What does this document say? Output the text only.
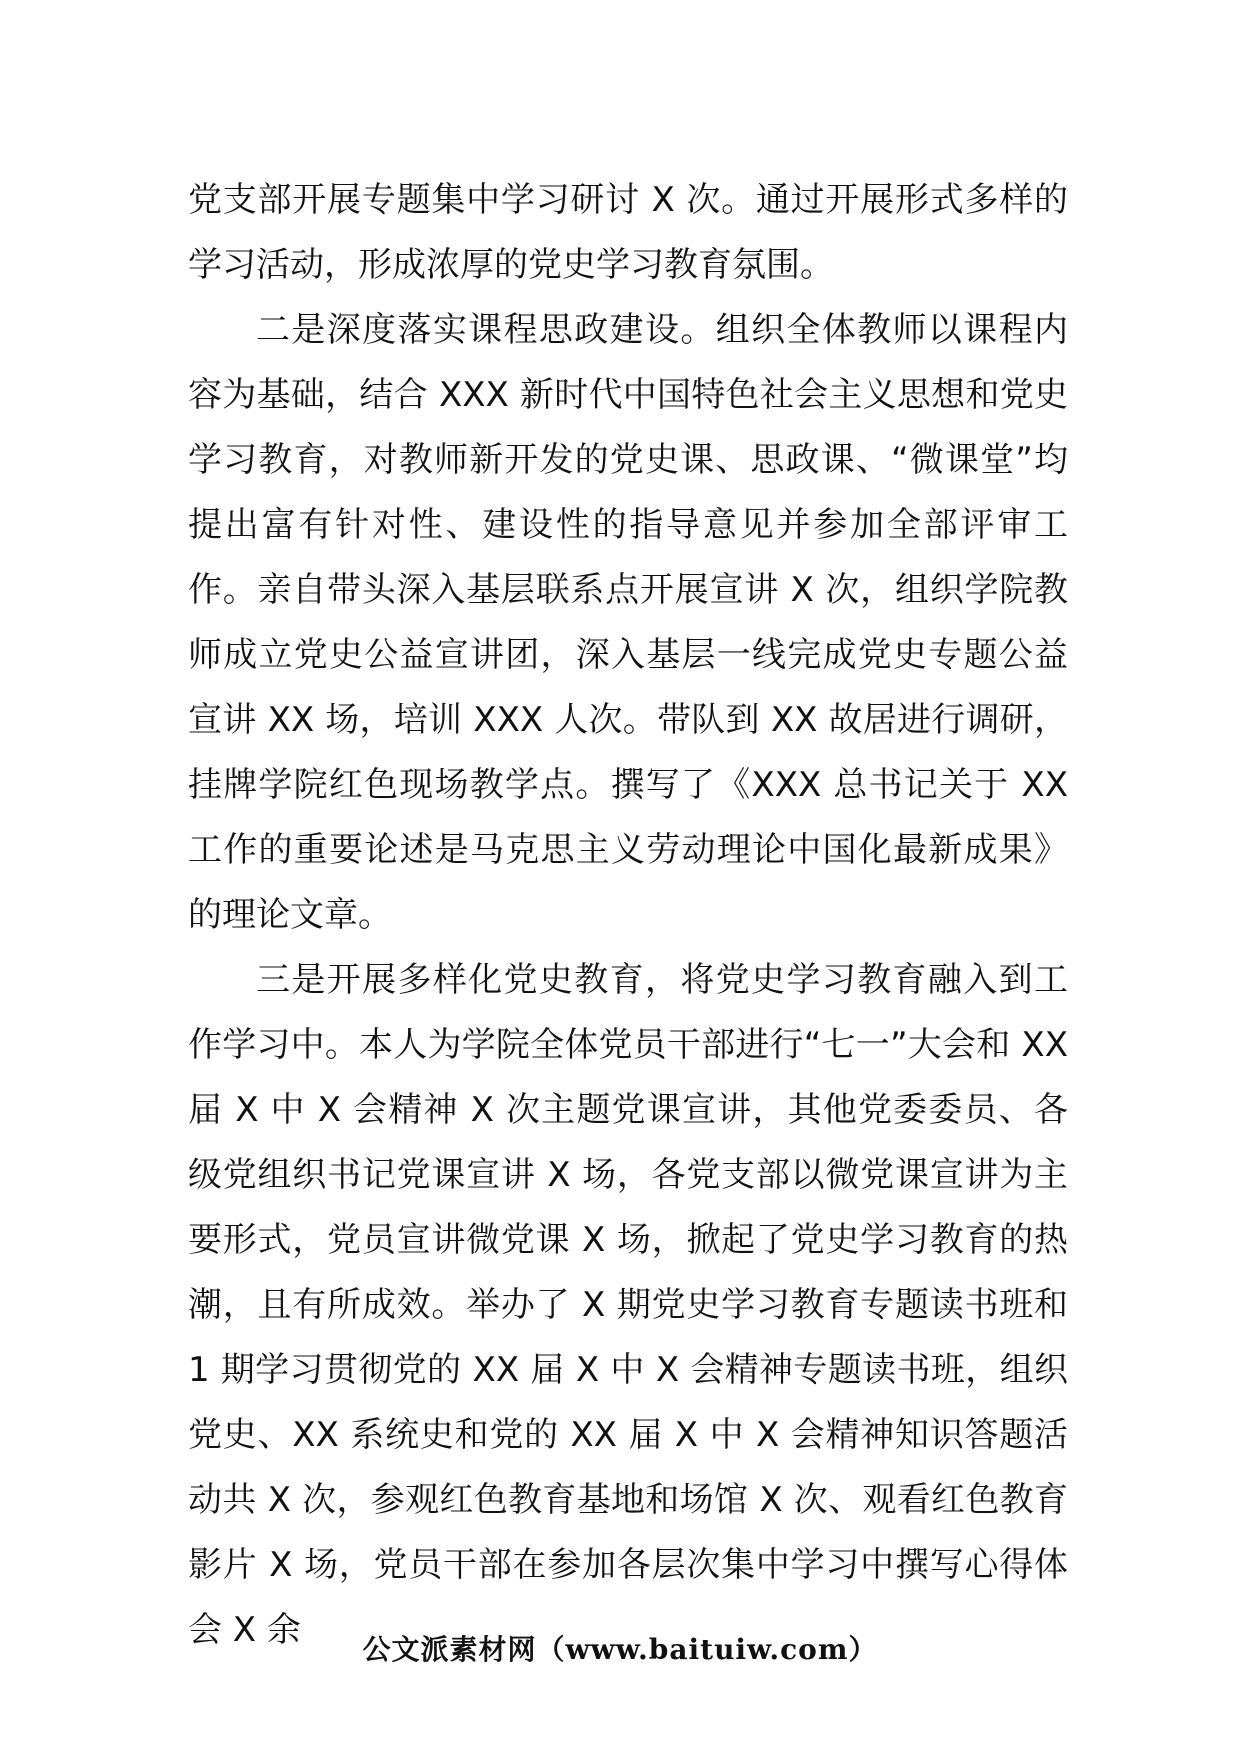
党支部开展专题集中学习研讨 X 次。通过开展形式多样的学习活动，形成浓厚的党史学习教育氛围。

二是深度落实课程思政建设。组织全体教师以课程内容为基础，结合 XXX 新时代中国特色社会主义思想和党史学习教育，对教师新开发的党史课、思政课、“微课堂”均提出富有针对性、建设性的指导意见并参加全部评审工作。亲自带头深入基层联系点开展宣讲 X 次，组织学院教师成立党史公益宣讲团，深入基层一线完成党史专题公益宣讲 XX 场，培训 XXX 人次。带队到 XX 故居进行调研，挂牌学院红色现场教学点。撰写了《XXX 总书记关于 XX 工作的重要论述是马克思主义劳动理论中国化最新成果》的理论文章。

三是开展多样化党史教育，将党史学习教育融入到工作学习中。本人为学院全体党员干部进行“七一”大会和 XX 届 X 中 X 会精神 X 次主题党课宣讲，其他党委委员、各级党组织书记党课宣讲 X 场，各党支部以微党课宣讲为主要形式，党员宣讲微党课 X 场，掀起了党史学习教育的热潮，且有所成效。举办了 X 期党史学习教育专题读书班和 1 期学习贯彻党的 XX 届 X 中 X 会精神专题读书班，组织党史、XX 系统史和党的 XX 届 X 中 X 会精神知识答题活动共 X 次，参观红色教育基地和场馆 X 次、观看红色教育影片 X 场，党员干部在参加各层次集中学习中撰写心得体会 X 余	公文派素材网（www.baituiw.com）
